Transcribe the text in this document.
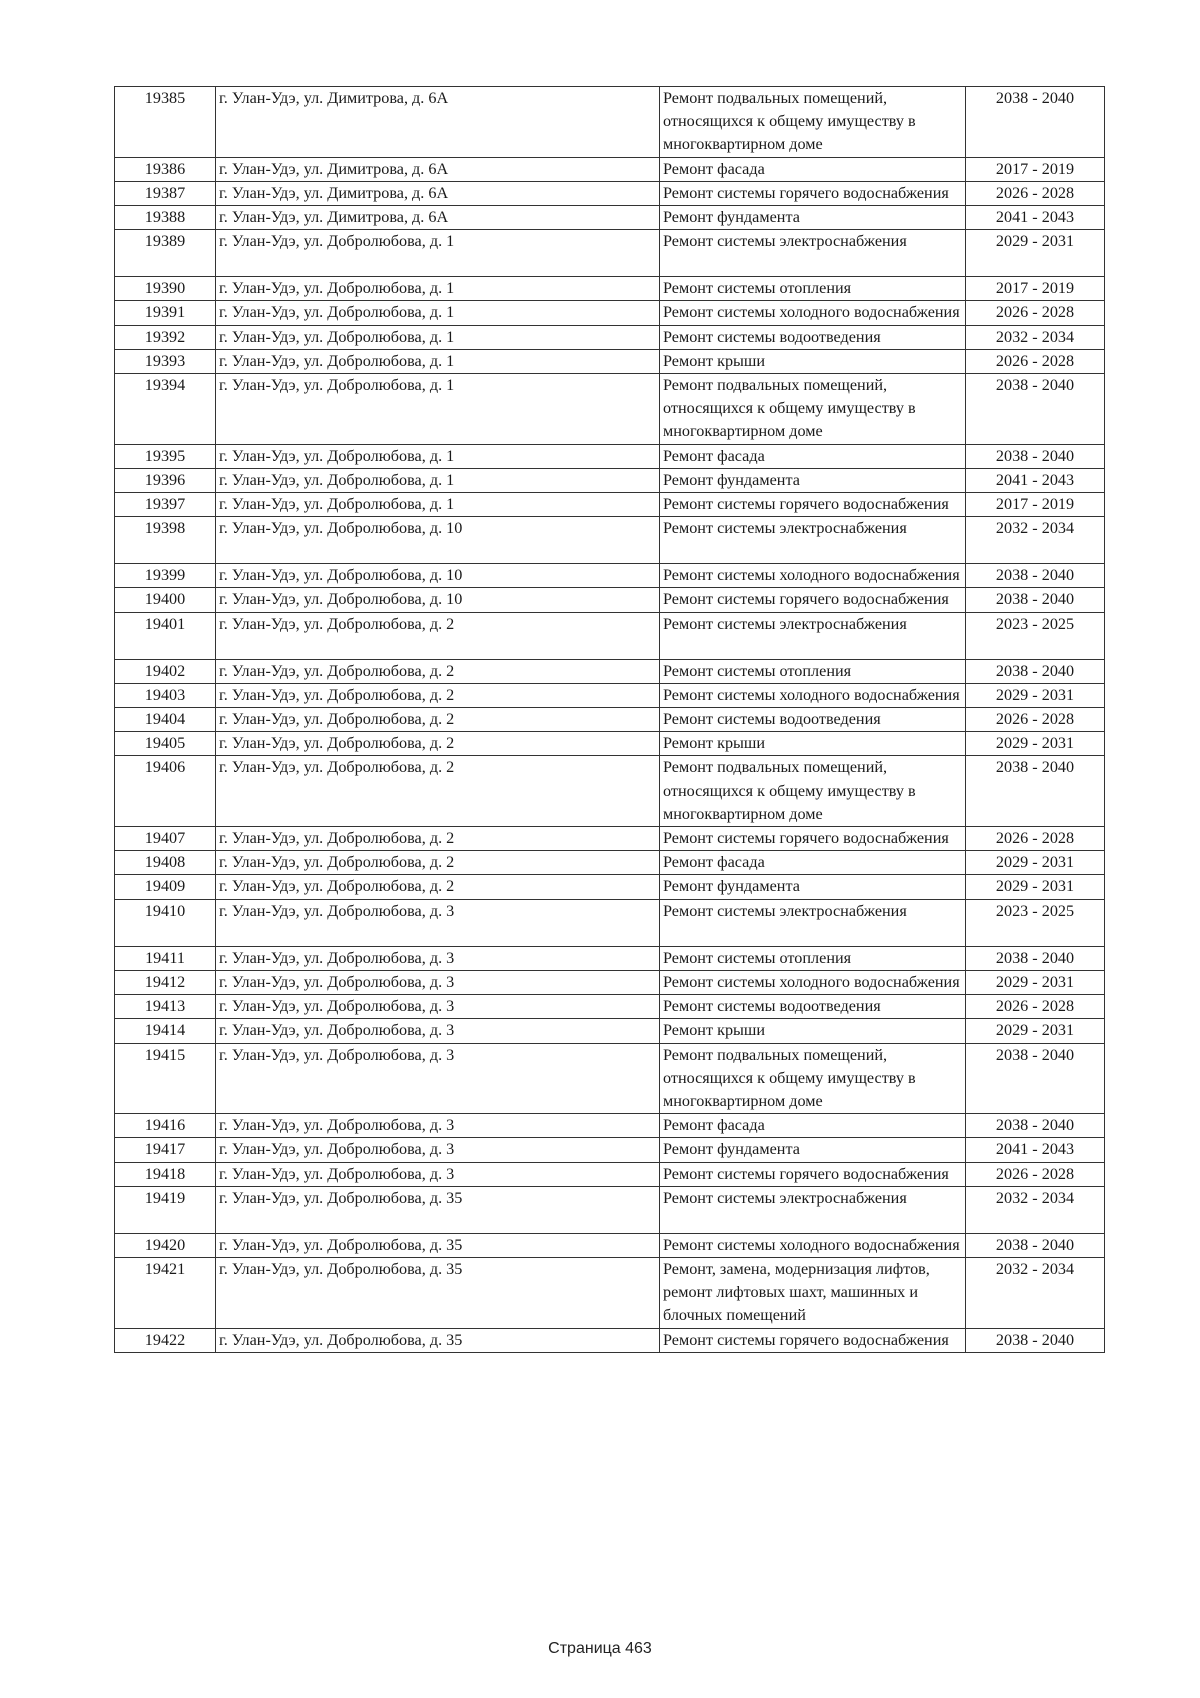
19385	г. Улан-Удэ, ул. Димитрова, д. 6А	Ремонт подвальных помещений, относящихся к общему имуществу в многоквартирном доме	2038 - 2040
19386	г. Улан-Удэ, ул. Димитрова, д. 6А	Ремонт фасада	2017 - 2019
19387	г. Улан-Удэ, ул. Димитрова, д. 6А	Ремонт системы горячего водоснабжения	2026 - 2028
19388	г. Улан-Удэ, ул. Димитрова, д. 6А	Ремонт фундамента	2041 - 2043
19389	г. Улан-Удэ, ул. Добролюбова, д. 1	Ремонт системы электроснабжения	2029 - 2031
19390	г. Улан-Удэ, ул. Добролюбова, д. 1	Ремонт системы отопления	2017 - 2019
19391	г. Улан-Удэ, ул. Добролюбова, д. 1	Ремонт системы холодного водоснабжения	2026 - 2028
19392	г. Улан-Удэ, ул. Добролюбова, д. 1	Ремонт системы водоотведения	2032 - 2034
19393	г. Улан-Удэ, ул. Добролюбова, д. 1	Ремонт крыши	2026 - 2028
19394	г. Улан-Удэ, ул. Добролюбова, д. 1	Ремонт подвальных помещений, относящихся к общему имуществу в многоквартирном доме	2038 - 2040
19395	г. Улан-Удэ, ул. Добролюбова, д. 1	Ремонт фасада	2038 - 2040
19396	г. Улан-Удэ, ул. Добролюбова, д. 1	Ремонт фундамента	2041 - 2043
19397	г. Улан-Удэ, ул. Добролюбова, д. 1	Ремонт системы горячего водоснабжения	2017 - 2019
19398	г. Улан-Удэ, ул. Добролюбова, д. 10	Ремонт системы электроснабжения	2032 - 2034
19399	г. Улан-Удэ, ул. Добролюбова, д. 10	Ремонт системы холодного водоснабжения	2038 - 2040
19400	г. Улан-Удэ, ул. Добролюбова, д. 10	Ремонт системы горячего водоснабжения	2038 - 2040
19401	г. Улан-Удэ, ул. Добролюбова, д. 2	Ремонт системы электроснабжения	2023 - 2025
19402	г. Улан-Удэ, ул. Добролюбова, д. 2	Ремонт системы отопления	2038 - 2040
19403	г. Улан-Удэ, ул. Добролюбова, д. 2	Ремонт системы холодного водоснабжения	2029 - 2031
19404	г. Улан-Удэ, ул. Добролюбова, д. 2	Ремонт системы водоотведения	2026 - 2028
19405	г. Улан-Удэ, ул. Добролюбова, д. 2	Ремонт крыши	2029 - 2031
19406	г. Улан-Удэ, ул. Добролюбова, д. 2	Ремонт подвальных помещений, относящихся к общему имуществу в многоквартирном доме	2038 - 2040
19407	г. Улан-Удэ, ул. Добролюбова, д. 2	Ремонт системы горячего водоснабжения	2026 - 2028
19408	г. Улан-Удэ, ул. Добролюбова, д. 2	Ремонт фасада	2029 - 2031
19409	г. Улан-Удэ, ул. Добролюбова, д. 2	Ремонт фундамента	2029 - 2031
19410	г. Улан-Удэ, ул. Добролюбова, д. 3	Ремонт системы электроснабжения	2023 - 2025
19411	г. Улан-Удэ, ул. Добролюбова, д. 3	Ремонт системы отопления	2038 - 2040
19412	г. Улан-Удэ, ул. Добролюбова, д. 3	Ремонт системы холодного водоснабжения	2029 - 2031
19413	г. Улан-Удэ, ул. Добролюбова, д. 3	Ремонт системы водоотведения	2026 - 2028
19414	г. Улан-Удэ, ул. Добролюбова, д. 3	Ремонт крыши	2029 - 2031
19415	г. Улан-Удэ, ул. Добролюбова, д. 3	Ремонт подвальных помещений, относящихся к общему имуществу в многоквартирном доме	2038 - 2040
19416	г. Улан-Удэ, ул. Добролюбова, д. 3	Ремонт фасада	2038 - 2040
19417	г. Улан-Удэ, ул. Добролюбова, д. 3	Ремонт фундамента	2041 - 2043
19418	г. Улан-Удэ, ул. Добролюбова, д. 3	Ремонт системы горячего водоснабжения	2026 - 2028
19419	г. Улан-Удэ, ул. Добролюбова, д. 35	Ремонт системы электроснабжения	2032 - 2034
19420	г. Улан-Удэ, ул. Добролюбова, д. 35	Ремонт системы холодного водоснабжения	2038 - 2040
19421	г. Улан-Удэ, ул. Добролюбова, д. 35	Ремонт, замена, модернизация лифтов, ремонт лифтовых шахт, машинных и блочных помещений	2032 - 2034
19422	г. Улан-Удэ, ул. Добролюбова, д. 35	Ремонт системы горячего водоснабжения	2038 - 2040
Страница 463
